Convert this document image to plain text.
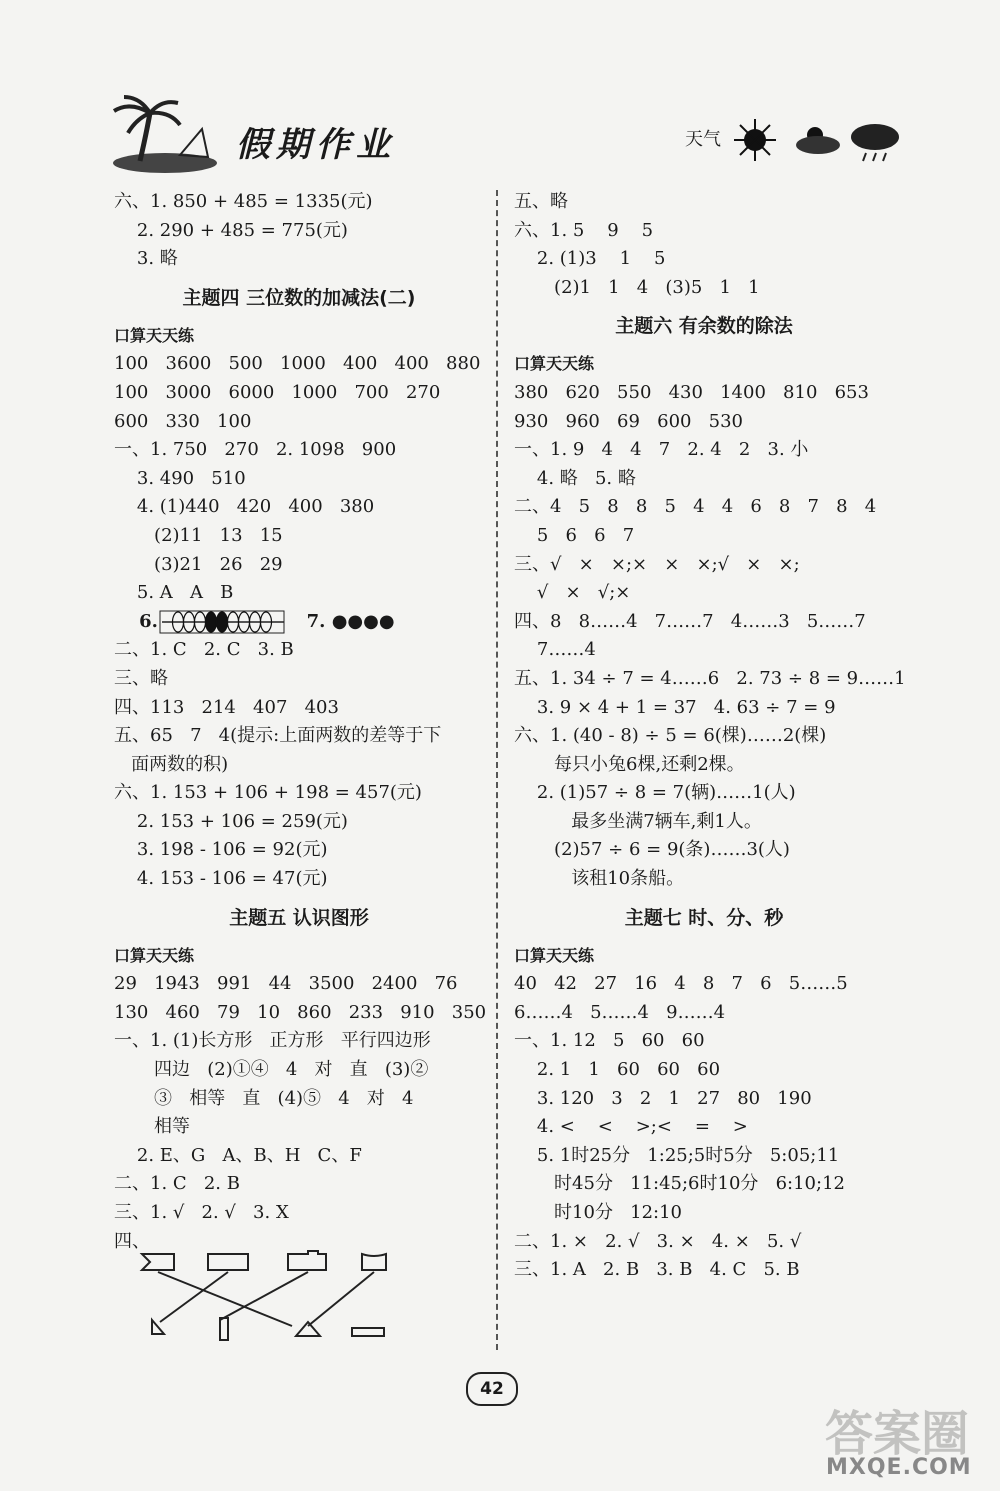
假期作业	天气
六、1. 850 + 485 = 1335(元)
2. 290 + 485 = 775(元)
3. 略
主题四 三位数的加减法(二)
口算天天练
100   3600   500   1000   400   400   880
100   3000   6000   1000   700   270
600   330   100
一、1. 750   270   2. 1098   900
3. 490   510
4. (1)440   420   400   380
(2)11   13   15
(3)21   26   29
5. A   A   B
6.	7. ●●●●
二、1. C   2. C   3. B
三、略
四、113   214   407   403
五、65   7   4(提示:上面两数的差等于下
面两数的积)
六、1. 153 + 106 + 198 = 457(元)
2. 153 + 106 = 259(元)
3. 198 - 106 = 92(元)
4. 153 - 106 = 47(元)
主题五 认识图形
口算天天练
29   1943   991   44   3500   2400   76
130   460   79   10   860   233   910   350
一、1. (1)长方形   正方形   平行四边形
四边   (2)①④   4   对   直   (3)②
③   相等   直   (4)⑤   4   对   4
相等
2. E、G   A、B、H   C、F
二、1. C   2. B
三、1. √   2. √   3. X
四、
五、略
六、1. 5    9    5
2. (1)3    1    5
(2)1   1   4   (3)5   1   1
主题六 有余数的除法
口算天天练
380   620   550   430   1400   810   653
930   960   69   600   530
一、1. 9   4   4   7   2. 4   2   3. 小
4. 略   5. 略
二、4   5   8   8   5   4   4   6   8   7   8   4
5   6   6   7
三、√   ×   ×;×   ×   ×;√   ×   ×;
√   ×   √;×
四、8   8……4   7……7   4……3   5……7
7……4
五、1. 34 ÷ 7 = 4……6   2. 73 ÷ 8 = 9……1
3. 9 × 4 + 1 = 37   4. 63 ÷ 7 = 9
六、1. (40 - 8) ÷ 5 = 6(棵)……2(棵)
每只小兔6棵,还剩2棵。
2. (1)57 ÷ 8 = 7(辆)……1(人)
最多坐满7辆车,剩1人。
(2)57 ÷ 6 = 9(条)……3(人)
该租10条船。
主题七 时、分、秒
口算天天练
40   42   27   16   4   8   7   6   5……5
6……4   5……4   9……4
一、1. 12   5   60   60
2. 1   1   60   60   60
3. 120   3   2   1   27   80   190
4. <    <    >;<    =    >
5. 1时25分   1:25;5时5分   5:05;11
时45分   11:45;6时10分   6:10;12
时10分   12:10
二、1. ×   2. √   3. ×   4. ×   5. √
三、1. A   2. B   3. B   4. C   5. B
42
答案圈
MXQE.COM
